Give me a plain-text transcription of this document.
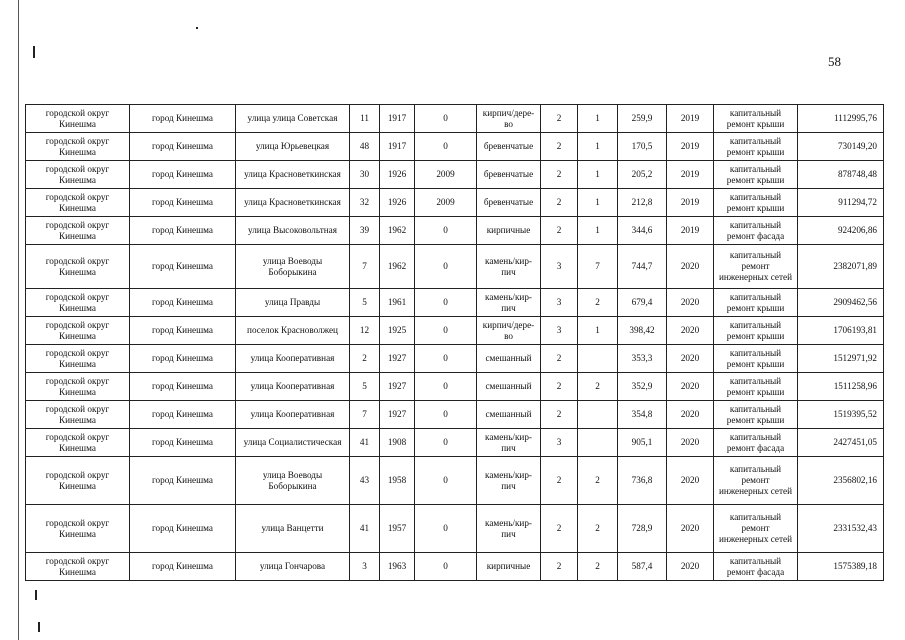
58
городской округ Кинешма	город Кинешма	улица улица Советская	11	1917	0	кирпич/дере-во	2	1	259,9	2019	капитальный ремонт крыши	1112995,76
городской округ Кинешма	город Кинешма	улица Юрьевецкая	48	1917	0	бревенчатые	2	1	170,5	2019	капитальный ремонт крыши	730149,20
городской округ Кинешма	город Кинешма	улица Красноветкинская	30	1926	2009	бревенчатые	2	1	205,2	2019	капитальный ремонт крыши	878748,48
городской округ Кинешма	город Кинешма	улица Красноветкинская	32	1926	2009	бревенчатые	2	1	212,8	2019	капитальный ремонт крыши	911294,72
городской округ Кинешма	город Кинешма	улица Высоковольтная	39	1962	0	кирпичные	2	1	344,6	2019	капитальный ремонт фасада	924206,86
городской округ Кинешма	город Кинешма	улица Воеводы Боборыкина	7	1962	0	камень/кир-пич	3	7	744,7	2020	капитальный ремонт инженерных сетей	2382071,89
городской округ Кинешма	город Кинешма	улица Правды	5	1961	0	камень/кир-пич	3	2	679,4	2020	капитальный ремонт крыши	2909462,56
городской округ Кинешма	город Кинешма	поселок Красноволжец	12	1925	0	кирпич/дере-во	3	1	398,42	2020	капитальный ремонт крыши	1706193,81
городской округ Кинешма	город Кинешма	улица Кооперативная	2	1927	0	смешанный	2		353,3	2020	капитальный ремонт крыши	1512971,92
городской округ Кинешма	город Кинешма	улица Кооперативная	5	1927	0	смешанный	2	2	352,9	2020	капитальный ремонт крыши	1511258,96
городской округ Кинешма	город Кинешма	улица Кооперативная	7	1927	0	смешанный	2		354,8	2020	капитальный ремонт крыши	1519395,52
городской округ Кинешма	город Кинешма	улица Социалистическая	41	1908	0	камень/кир-пич	3		905,1	2020	капитальный ремонт фасада	2427451,05
городской округ Кинешма	город Кинешма	улица Воеводы Боборыкина	43	1958	0	камень/кир-пич	2	2	736,8	2020	капитальный ремонт инженерных сетей	2356802,16
городской округ Кинешма	город Кинешма	улица Ванцетти	41	1957	0	камень/кир-пич	2	2	728,9	2020	капитальный ремонт инженерных сетей	2331532,43
городской округ Кинешма	город Кинешма	улица Гончарова	3	1963	0	кирпичные	2	2	587,4	2020	капитальный ремонт фасада	1575389,18
